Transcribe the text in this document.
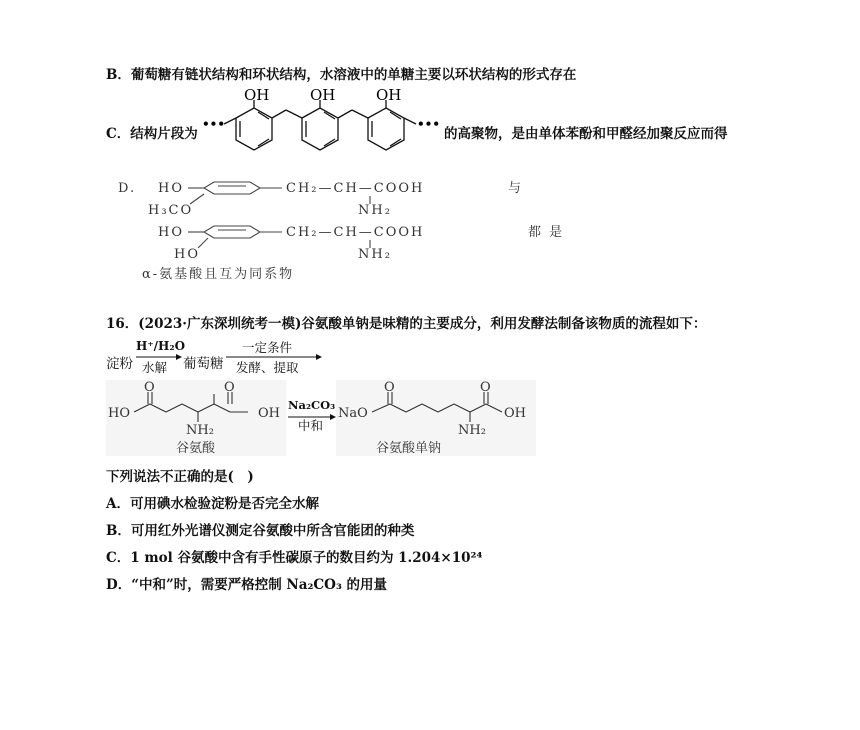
B．葡萄糖有链状结构和环状结构，水溶液中的单糖主要以环状结构的形式存在
C．结构片段为
OH	OH	OH
•••	•••
的高聚物，是由单体苯酚和甲醛经加聚反应而得
D. HO	CH₂—CH—COOH	与
H₃CO	NH₂
HO	CH₂—CH—COOH	都 是
HO	NH₂
α-氨基酸且互为同系物
16．(2023·广东深圳统考一模)谷氨酸单钠是味精的主要成分，利用发酵法制备该物质的流程如下：
淀粉
H⁺/H₂O
水解 葡萄糖
一定条件
发酵、提取
HO
O	O
OH
NH₂
谷氨酸
Na₂CO₃
中和
NaO
O	O
OH
NH₂
谷氨酸单钠
下列说法不正确的是(　)
A．可用碘水检验淀粉是否完全水解
B．可用红外光谱仪测定谷氨酸中所含官能团的种类
C．1 mol 谷氨酸中含有手性碳原子的数目约为 1.204×10²⁴
D．“中和”时，需要严格控制 Na₂CO₃ 的用量
